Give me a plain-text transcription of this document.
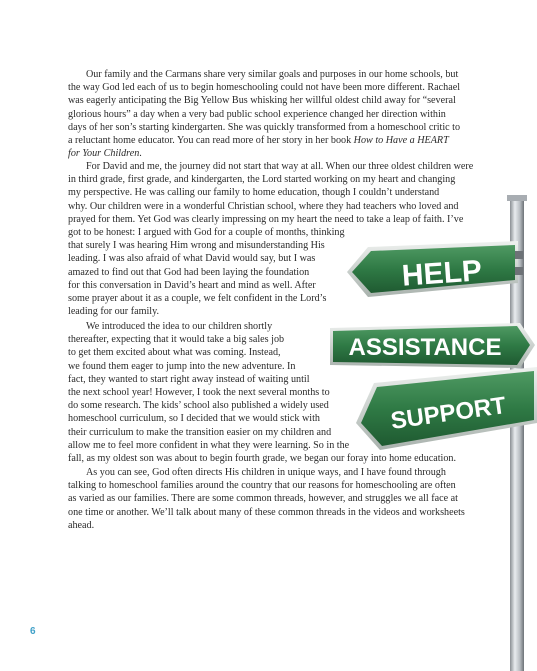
Our family and the Carmans share very similar goals and purposes in our home schools, but
the way God led each of us to begin homeschooling could not have been more different. Rachael
was eagerly anticipating the Big Yellow Bus whisking her willful oldest child away for “several
glorious hours” a day when a very bad public school experience changed her direction within
days of her son’s starting kindergarten. She was quickly transformed from a homeschool critic to
a reluctant home educator. You can read more of her story in her book How to Have a HEART
for Your Children.

For David and me, the journey did not start that way at all. When our three oldest children were
in third grade, first grade, and kindergarten, the Lord started working on my heart and changing
my perspective. He was calling our family to home education, though I couldn’t understand
why. Our children were in a wonderful Christian school, where they had teachers who loved and
prayed for them. Yet God was clearly impressing on my heart the need to take a leap of faith. I’ve
got to be honest: I argued with God for a couple of months, thinking
that surely I was hearing Him wrong and misunderstanding His
leading. I was also afraid of what David would say, but I was
amazed to find out that God had been laying the foundation
for this conversation in David’s heart and mind as well. After
some prayer about it as a couple, we felt confident in the Lord’s
leading for our family.

We introduced the idea to our children shortly
thereafter, expecting that it would take a big sales job
to get them excited about what was coming. Instead,
we found them eager to jump into the new adventure. In
fact, they wanted to start right away instead of waiting until
the next school year! However, I took the next several months to
do some research. The kids’ school also published a widely used
homeschool curriculum, so I decided that we would stick with
their curriculum to make the transition easier on my children and
allow me to feel more confident in what they were learning. So in the
fall, as my oldest son was about to begin fourth grade, we began our foray into home education.

As you can see, God often directs His children in unique ways, and I have found through
talking to homeschool families around the country that our reasons for homeschooling are often
as varied as our families. There are some common threads, however, and struggles we all face at
one time or another. We’ll talk about many of these common threads in the videos and worksheets
ahead.

HELP
ASSISTANCE
SUPPORT
6
